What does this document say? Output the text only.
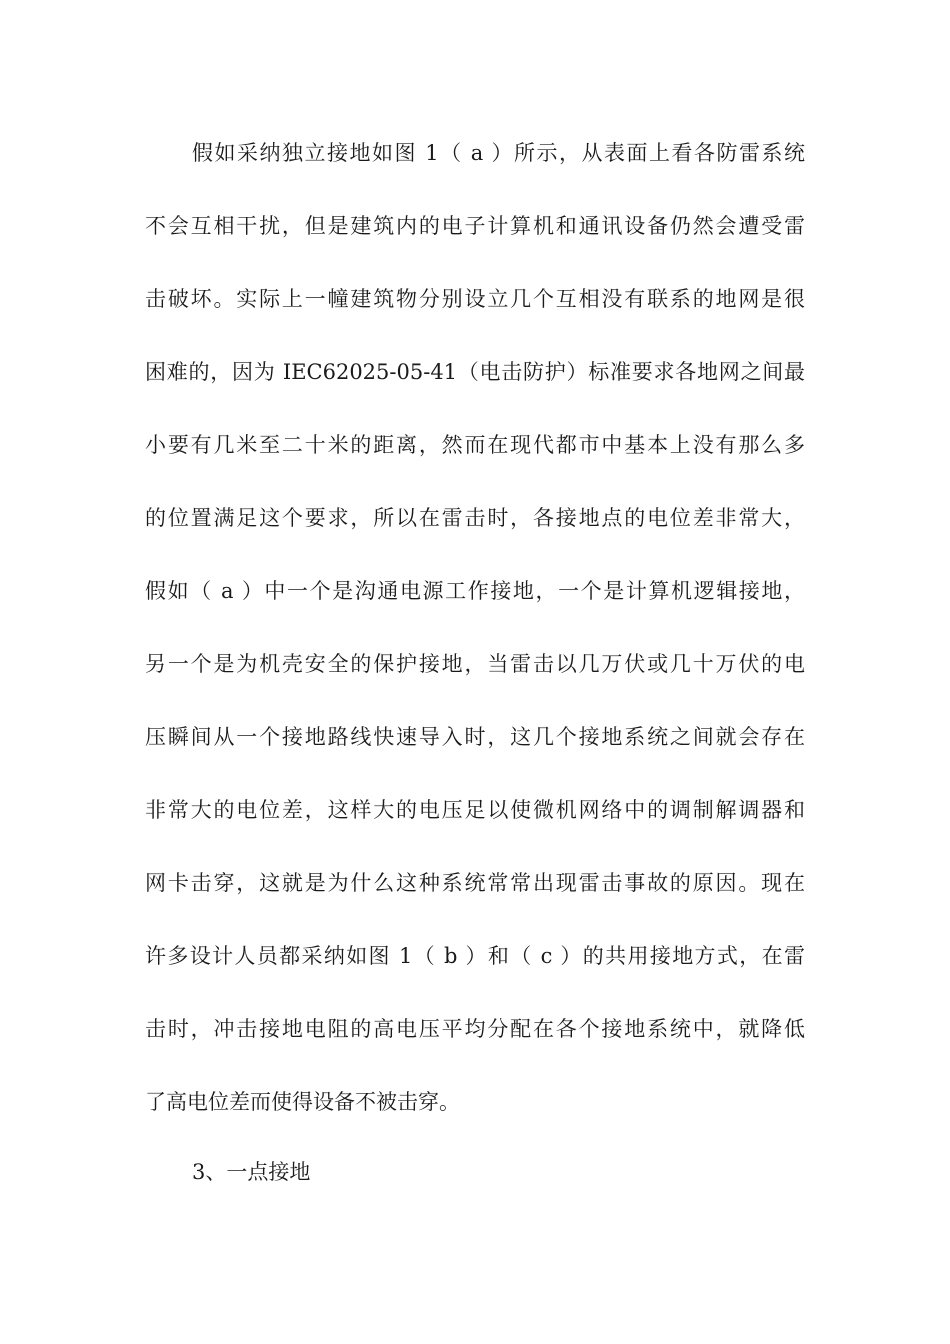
假如采纳独立接地如图 1（ a ）所示，从表面上看各防雷系统
不会互相干扰，但是建筑内的电子计算机和通讯设备仍然会遭受雷
击破坏。实际上一幢建筑物分别设立几个互相没有联系的地网是很
困难的，因为 IEC62025-05-41（电击防护）标准要求各地网之间最
小要有几米至二十米的距离，然而在现代都市中基本上没有那么多
的位置满足这个要求，所以在雷击时，各接地点的电位差非常大，
假如（ a ）中一个是沟通电源工作接地，一个是计算机逻辑接地，
另一个是为机壳安全的保护接地，当雷击以几万伏或几十万伏的电
压瞬间从一个接地路线快速导入时，这几个接地系统之间就会存在
非常大的电位差，这样大的电压足以使微机网络中的调制解调器和
网卡击穿，这就是为什么这种系统常常出现雷击事故的原因。现在
许多设计人员都采纳如图 1（ b ）和（ c ）的共用接地方式，在雷
击时，冲击接地电阻的高电压平均分配在各个接地系统中，就降低
了高电位差而使得设备不被击穿。
3、一点接地
